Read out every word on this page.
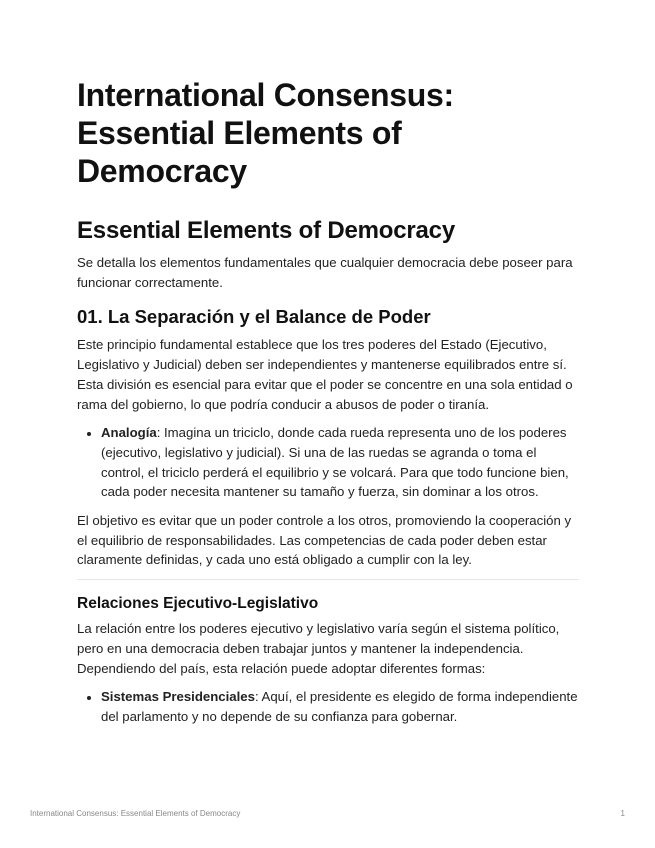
International Consensus: Essential Elements of Democracy
Essential Elements of Democracy

Se detalla los elementos fundamentales que cualquier democracia debe poseer para funcionar correctamente.

01. La Separación y el Balance de Poder

Este principio fundamental establece que los tres poderes del Estado (Ejecutivo, Legislativo y Judicial) deben ser independientes y mantenerse equilibrados entre sí. Esta división es esencial para evitar que el poder se concentre en una sola entidad o rama del gobierno, lo que podría conducir a abusos de poder o tiranía.

• Analogía: Imagina un triciclo, donde cada rueda representa uno de los poderes (ejecutivo, legislativo y judicial). Si una de las ruedas se agranda o toma el control, el triciclo perderá el equilibrio y se volcará. Para que todo funcione bien, cada poder necesita mantener su tamaño y fuerza, sin dominar a los otros.

El objetivo es evitar que un poder controle a los otros, promoviendo la cooperación y el equilibrio de responsabilidades. Las competencias de cada poder deben estar claramente definidas, y cada uno está obligado a cumplir con la ley.

Relaciones Ejecutivo-Legislativo

La relación entre los poderes ejecutivo y legislativo varía según el sistema político, pero en una democracia deben trabajar juntos y mantener la independencia. Dependiendo del país, esta relación puede adoptar diferentes formas:

• Sistemas Presidenciales: Aquí, el presidente es elegido de forma independiente del parlamento y no depende de su confianza para gobernar.
International Consensus: Essential Elements of Democracy	1
